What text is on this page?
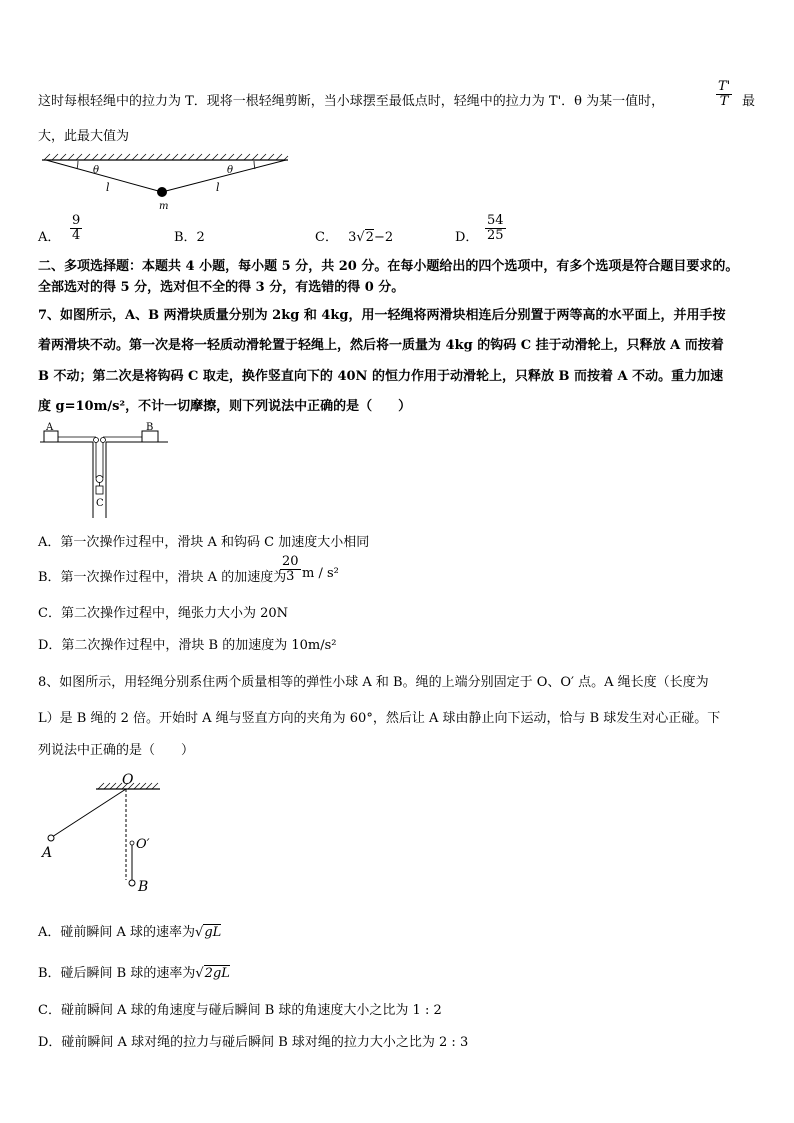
这时每根轻绳中的拉力为 T．现将一根轻绳剪断，当小球摆至最低点时，轻绳中的拉力为 T'．θ 为某一值时，	$\frac{T'}{T}$ 最
大，此最大值为
θ	θ
l	l
m
A． $\frac{9}{4}$	B．2	C． 3√2−2	D． $\frac{54}{25}$
二、多项选择题：本题共 4 小题，每小题 5 分，共 20 分。在每小题给出的四个选项中，有多个选项是符合题目要求的。
全部选对的得 5 分，选对但不全的得 3 分，有选错的得 0 分。
7、如图所示，A、B 两滑块质量分别为 2kg 和 4kg，用一轻绳将两滑块相连后分别置于两等高的水平面上，并用手按
着两滑块不动。第一次是将一轻质动滑轮置于轻绳上，然后将一质量为 4kg 的钩码 C 挂于动滑轮上，只释放 A 而按着
B 不动；第二次是将钩码 C 取走，换作竖直向下的 40N 的恒力作用于动滑轮上，只释放 B 而按着 A 不动。重力加速
度 g=10m/s²，不计一切摩擦，则下列说法中正确的是（　　）
A	B
C
A．第一次操作过程中，滑块 A 和钩码 C 加速度大小相同
B．第一次操作过程中，滑块 A 的加速度为
$\frac{20}{3}$ m / s²
C．第二次操作过程中，绳张力大小为 20N
D．第二次操作过程中，滑块 B 的加速度为 10m/s²
8、如图所示，用轻绳分别系住两个质量相等的弹性小球 A 和 B。绳的上端分别固定于 O、O′ 点。A 绳长度（长度为
L）是 B 绳的 2 倍。开始时 A 绳与竖直方向的夹角为 60°，然后让 A 球由静止向下运动，恰与 B 球发生对心正碰。下
列说法中正确的是（　　）
O
O′
A
B
A．碰前瞬间 A 球的速率为√gL
B．碰后瞬间 B 球的速率为√2gL
C．碰前瞬间 A 球的角速度与碰后瞬间 B 球的角速度大小之比为 1 : 2
D．碰前瞬间 A 球对绳的拉力与碰后瞬间 B 球对绳的拉力大小之比为 2 : 3
